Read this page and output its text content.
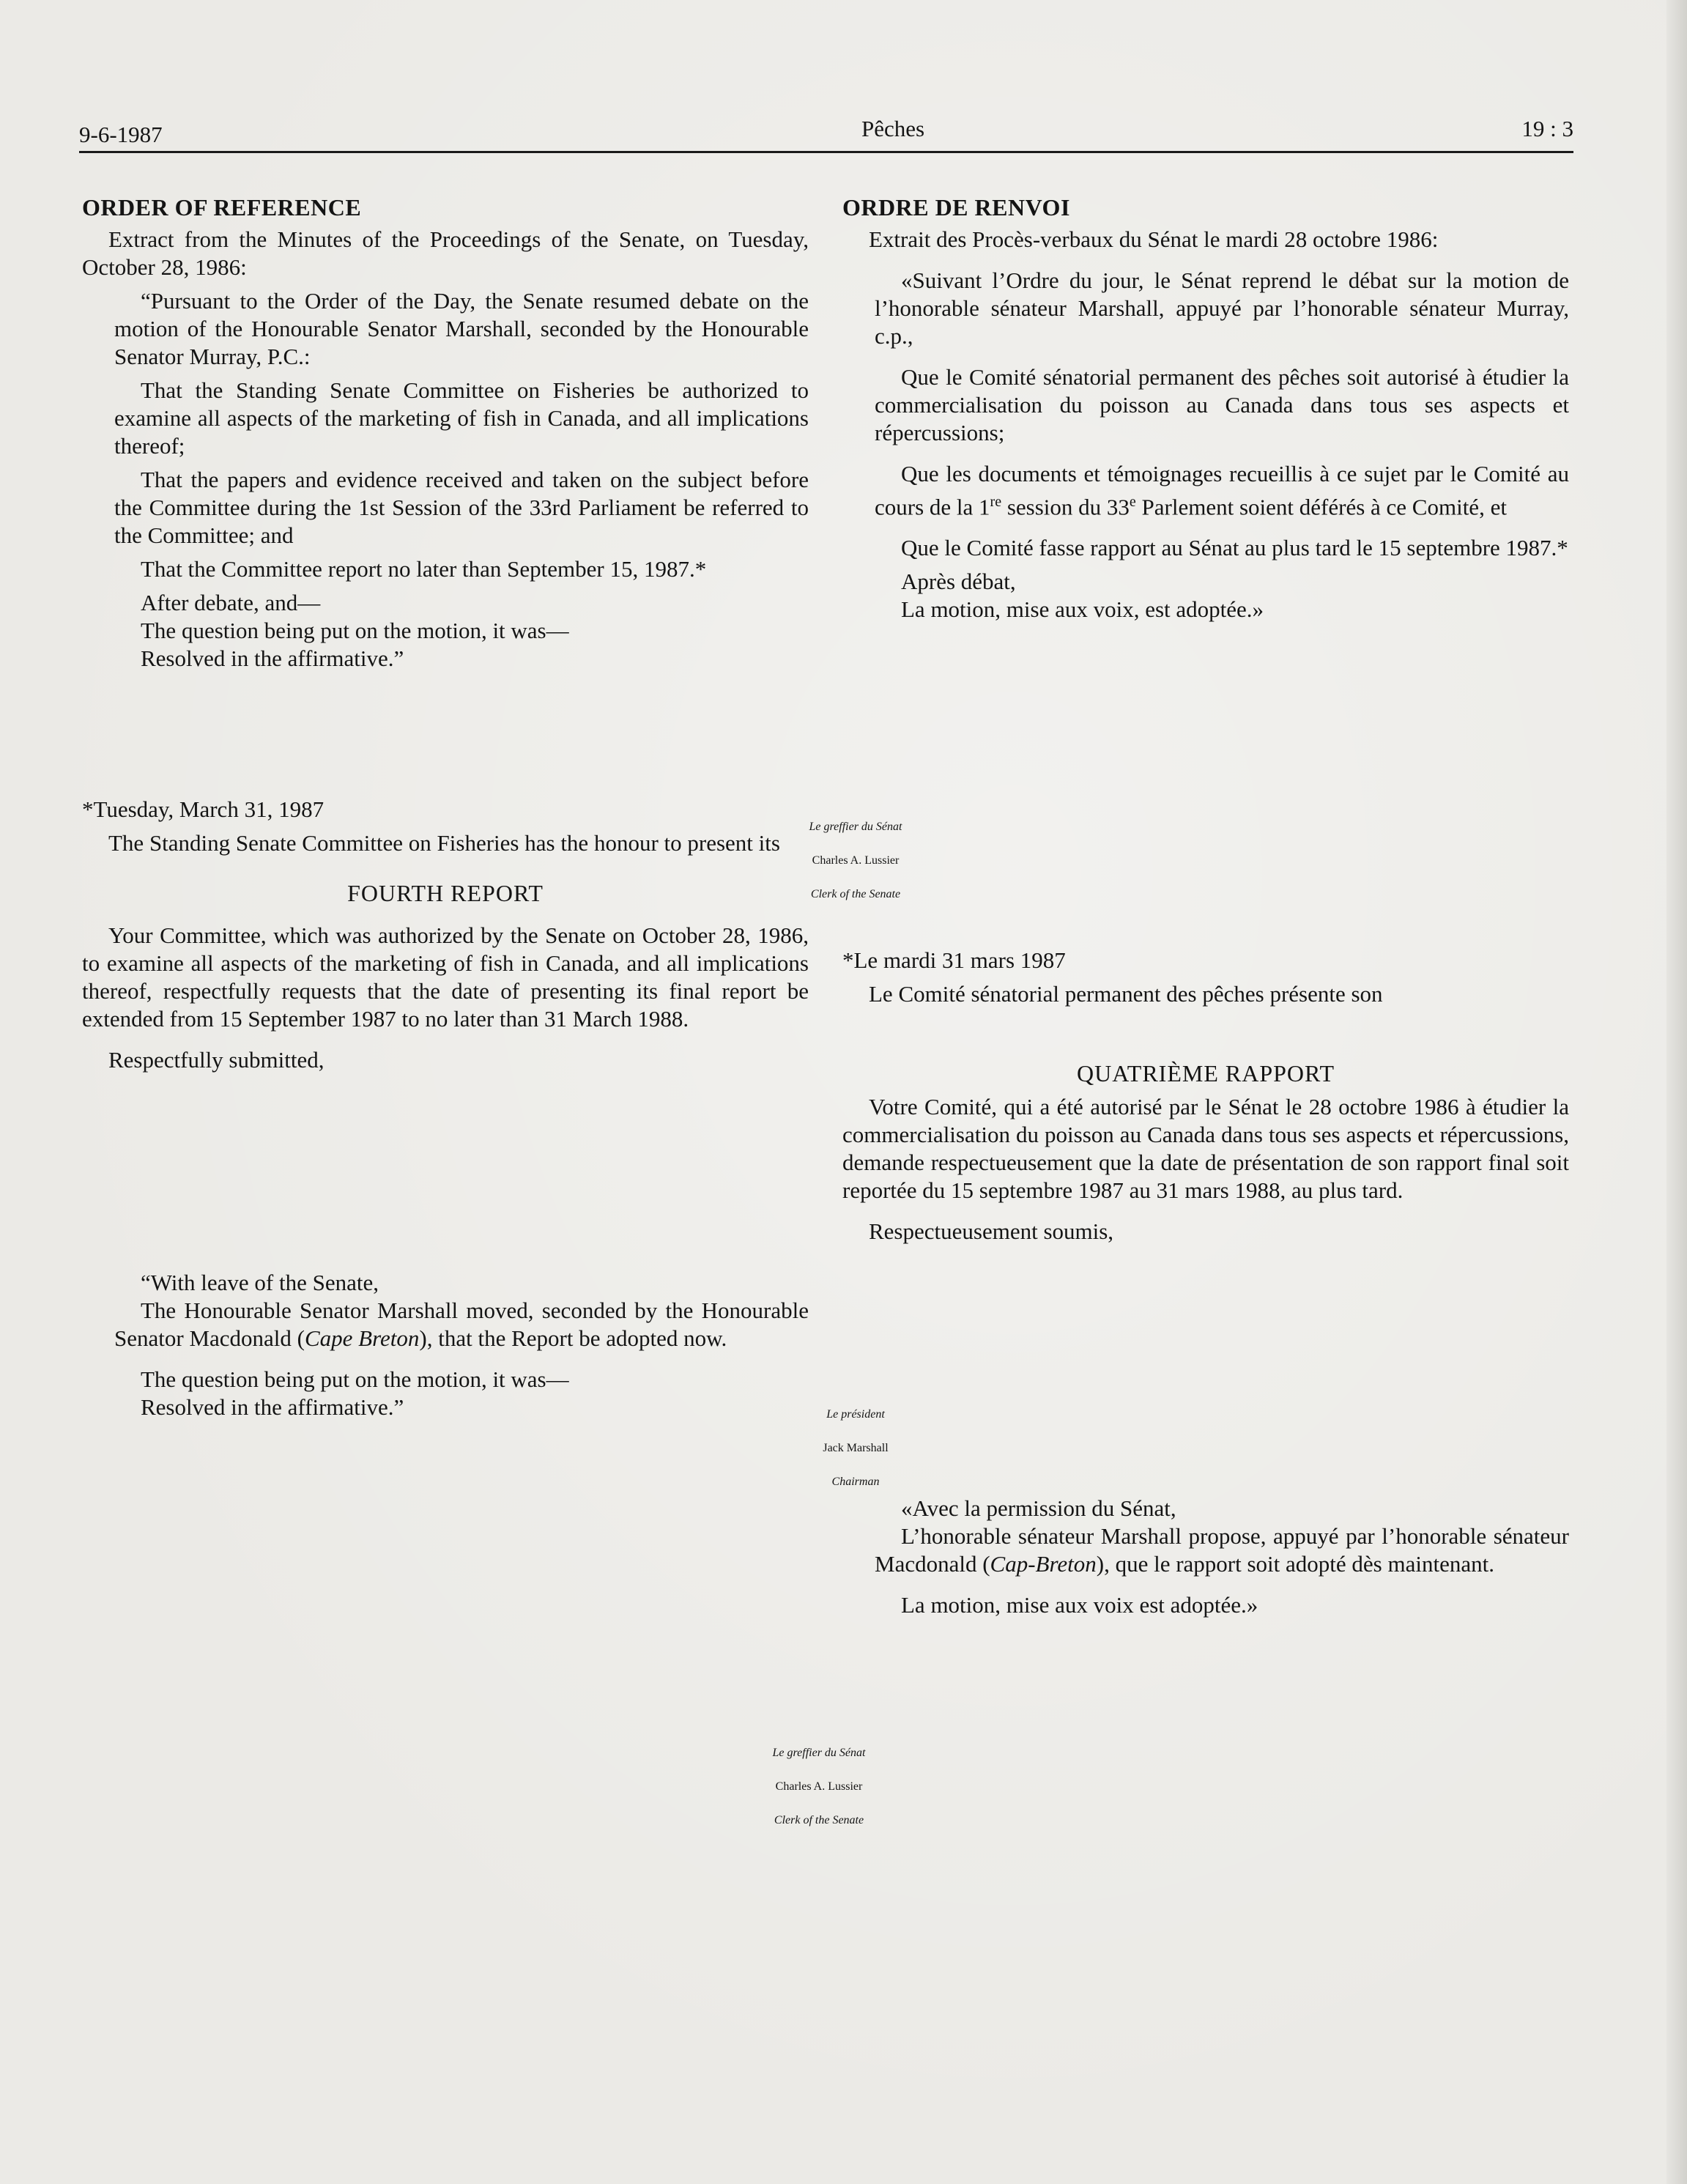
9-6-1987	Pêches	19 : 3
ORDER OF REFERENCE

Extract from the Minutes of the Proceedings of the Senate, on Tuesday, October 28, 1986:

“Pursuant to the Order of the Day, the Senate resumed debate on the motion of the Honourable Senator Marshall, seconded by the Honourable Senator Murray, P.C.:

That the Standing Senate Committee on Fisheries be authorized to examine all aspects of the marketing of fish in Canada, and all implications thereof;

That the papers and evidence received and taken on the subject before the Committee during the 1st Session of the 33rd Parliament be referred to the Committee; and

That the Committee report no later than September 15, 1987.*

After debate, and—

The question being put on the motion, it was—

Resolved in the affirmative.”

*Tuesday, March 31, 1987

The Standing Senate Committee on Fisheries has the honour to present its

FOURTH REPORT

Your Committee, which was authorized by the Senate on October 28, 1986, to examine all aspects of the marketing of fish in Canada, and all implications thereof, respectfully requests that the date of presenting its final report be extended from 15 September 1987 to no later than 31 March 1988.

Respectfully submitted,

“With leave of the Senate,

The Honourable Senator Marshall moved, seconded by the Honourable Senator Macdonald (Cape Breton), that the Report be adopted now.

The question being put on the motion, it was—

Resolved in the affirmative.”

ORDRE DE RENVOI

Extrait des Procès-verbaux du Sénat le mardi 28 octobre 1986:

«Suivant l’Ordre du jour, le Sénat reprend le débat sur la motion de l’honorable sénateur Marshall, appuyé par l’honorable sénateur Murray, c.p.,

Que le Comité sénatorial permanent des pêches soit autorisé à étudier la commercialisation du poisson au Canada dans tous ses aspects et répercussions;

Que les documents et témoignages recueillis à ce sujet par le Comité au cours de la 1re session du 33e Parlement soient déférés à ce Comité, et

Que le Comité fasse rapport au Sénat au plus tard le 15 septembre 1987.*

Après débat,

La motion, mise aux voix, est adoptée.»

Le greffier du Sénat
Charles A. Lussier
Clerk of the Senate

*Le mardi 31 mars 1987

Le Comité sénatorial permanent des pêches présente son

QUATRIÈME RAPPORT

Votre Comité, qui a été autorisé par le Sénat le 28 octobre 1986 à étudier la commercialisation du poisson au Canada dans tous ses aspects et répercussions, demande respectueusement que la date de présentation de son rapport final soit reportée du 15 septembre 1987 au 31 mars 1988, au plus tard.

Respectueusement soumis,

Le président
Jack Marshall
Chairman

«Avec la permission du Sénat,

L’honorable sénateur Marshall propose, appuyé par l’honorable sénateur Macdonald (Cap-Breton), que le rapport soit adopté dès maintenant.

La motion, mise aux voix est adoptée.»

Le greffier du Sénat
Charles A. Lussier
Clerk of the Senate
